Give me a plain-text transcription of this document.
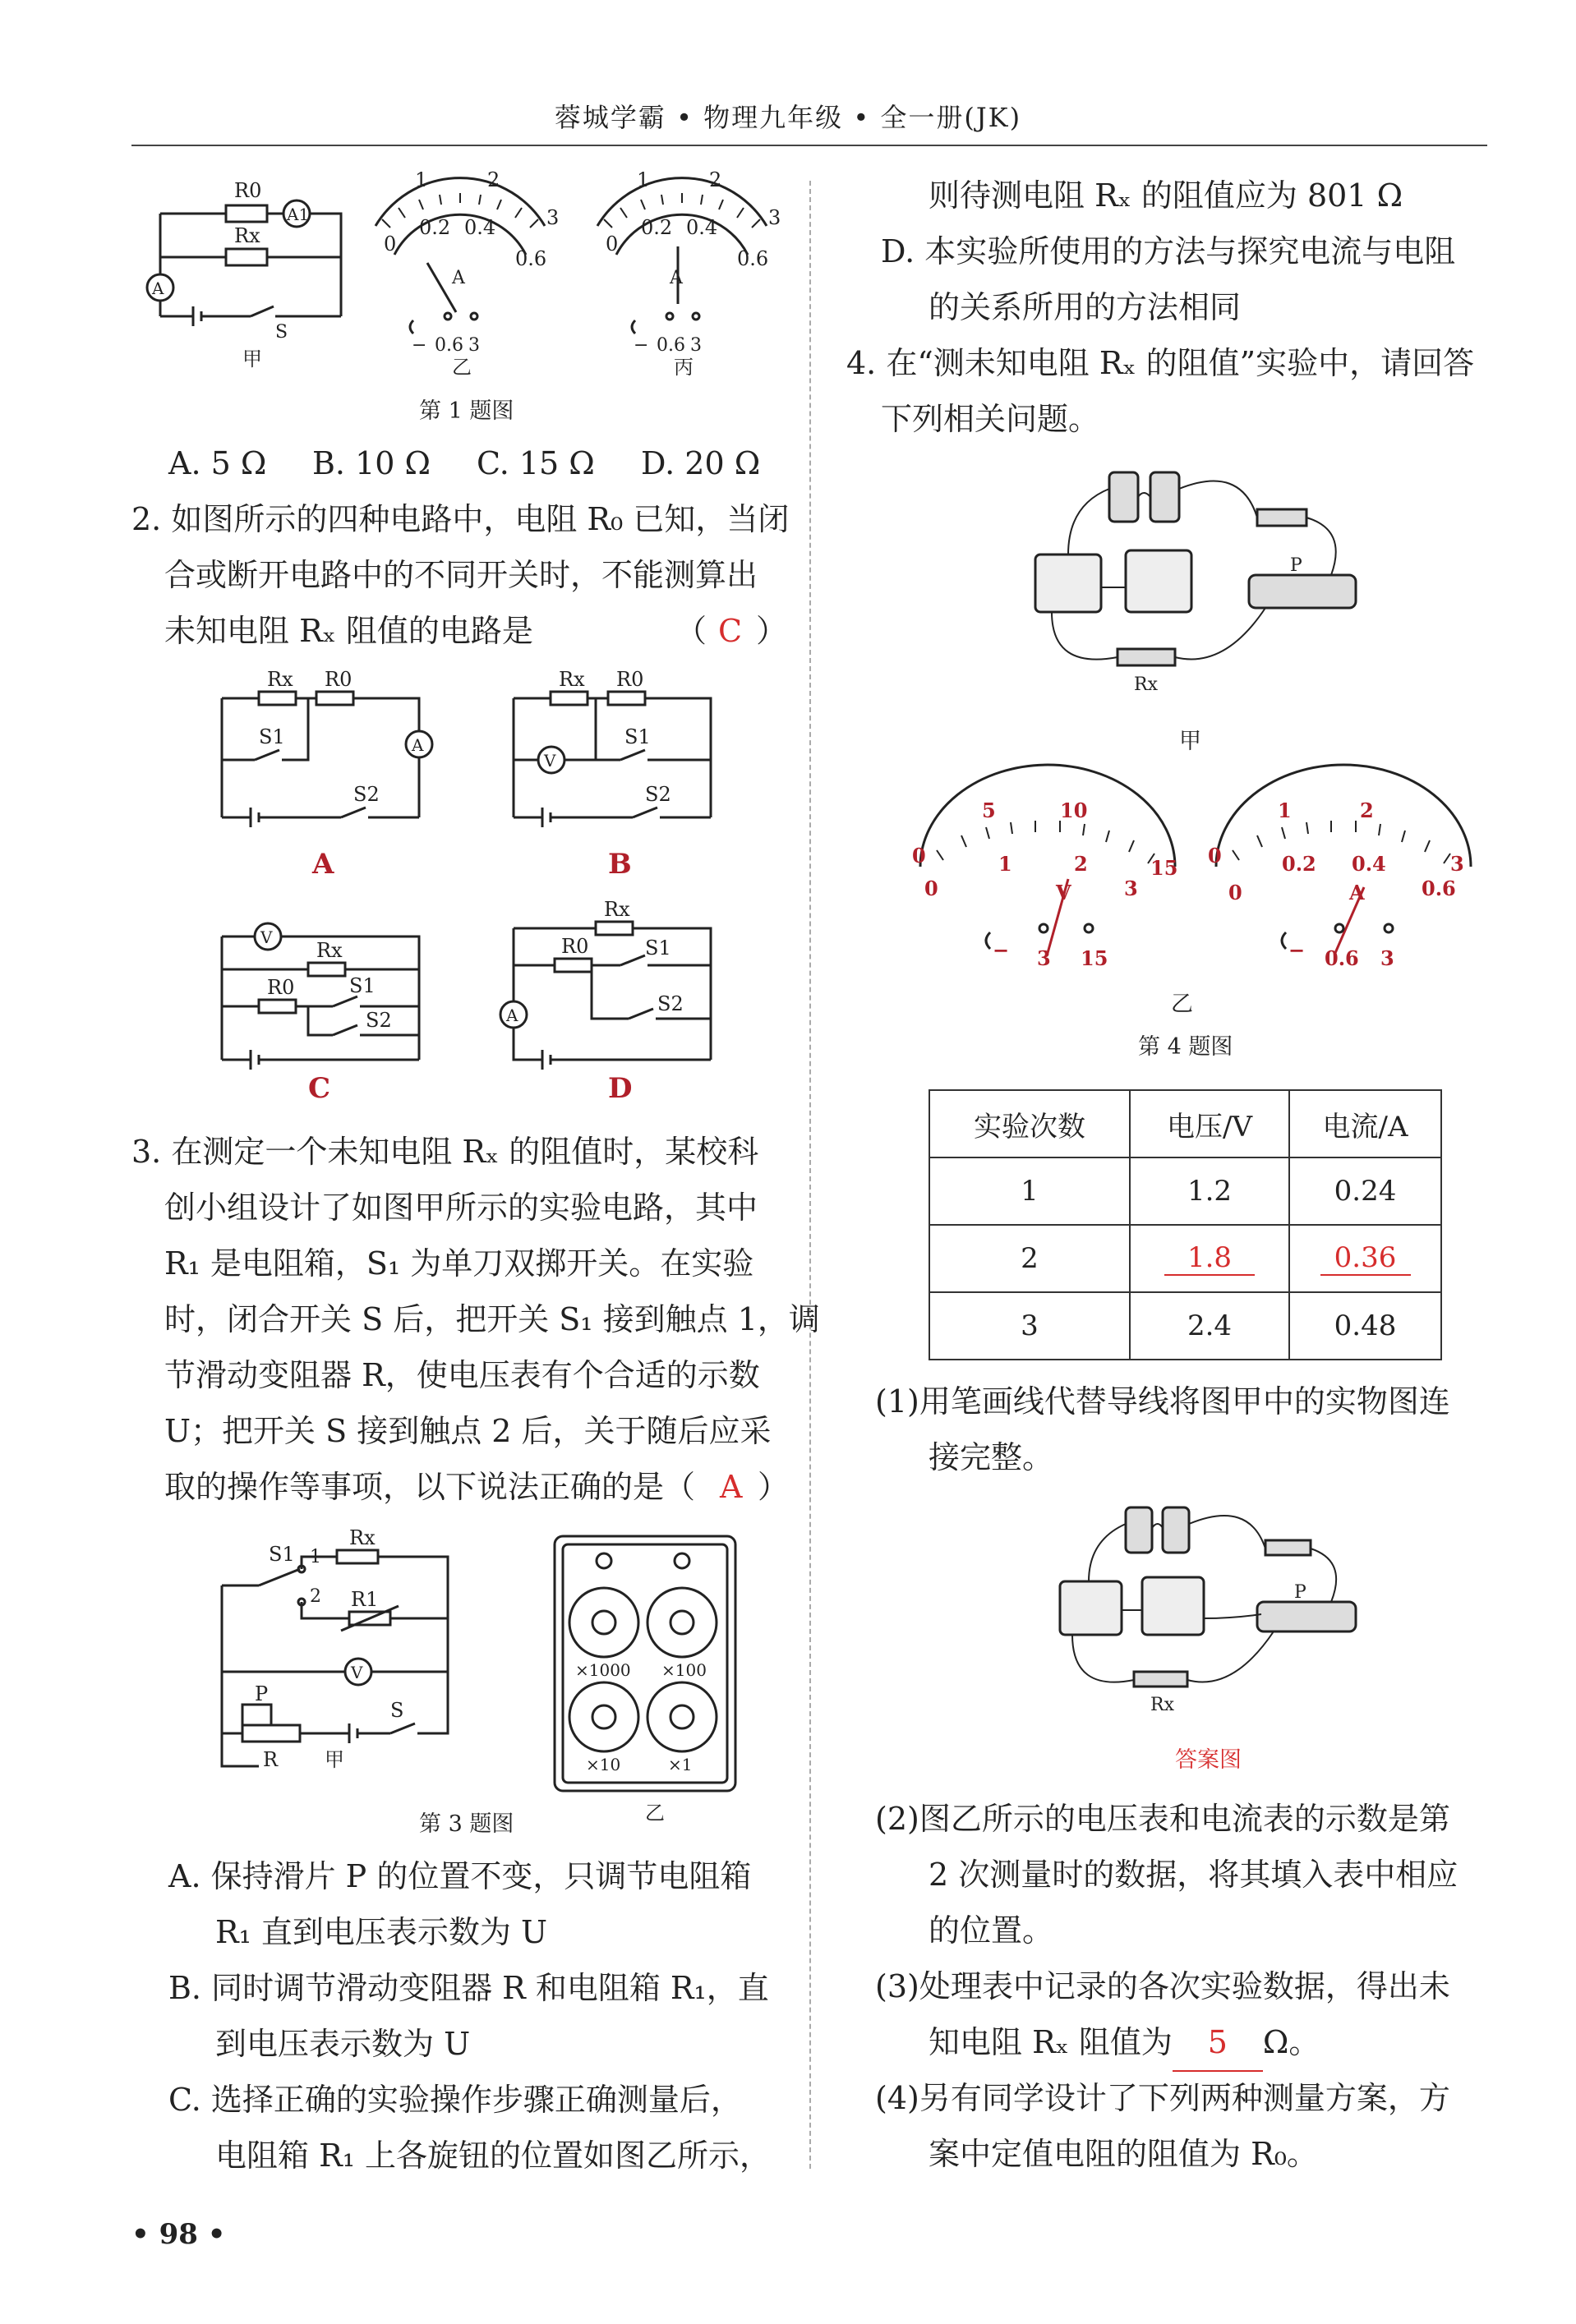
蓉城学霸 • 物理九年级 • 全一册(JK)
R0
Rx
A1
A
S
甲
1	2
3
0
0.2 0.4
0.6
A
− 0.6 3
乙
1	2
3
0
0.2 0.4
0.6
A
− 0.6 3
丙
第 1 题图
A. 5 Ω B. 10 Ω C. 15 Ω D. 20 Ω
2. 如图所示的四种电路中，电阻 R₀ 已知，当闭
合或断开电路中的不同开关时，不能测算出
未知电阻 Rₓ 阻值的电路是	（ C ）
Rx R0
S1
S2
A
Rx R0
S1
S2
V
V
Rx
R0	S1
S2
Rx
R0	S1
S2
A
A	B
C	D
3. 在测定一个未知电阻 Rₓ 的阻值时，某校科
创小组设计了如图甲所示的实验电路，其中
R₁ 是电阻箱，S₁ 为单刀双掷开关。在实验
时，闭合开关 S 后，把开关 S₁ 接到触点 1，调
节滑动变阻器 R，使电压表有个合适的示数
U；把开关 S 接到触点 2 后，关于随后应采
取的操作等事项，以下说法正确的是（ A ）
S1 1
2
Rx
R1
V
P
S
R 甲
乙
×1000 ×100
×10	×1
第 3 题图
A. 保持滑片 P 的位置不变，只调节电阻箱
R₁ 直到电压表示数为 U
B. 同时调节滑动变阻器 R 和电阻箱 R₁，直
到电压表示数为 U
C. 选择正确的实验操作步骤正确测量后，
电阻箱 R₁ 上各旋钮的位置如图乙所示，
• 98 •
则待测电阻 Rₓ 的阻值应为 801 Ω
D. 本实验所使用的方法与探究电流与电阻
的关系所用的方法相同
4. 在“测未知电阻 Rₓ 的阻值”实验中，请回答
下列相关问题。
P
Rx
甲
0
5	10
15
0
1	2
3
V
− 3 15
0
1	2
3
0
0.2 0.4
0.6
A
− 0.6 3
乙
第 4 题图
实验次数	电压/V	电流/A
1	1.2	0.24
2	1.8	0.36
3	2.4	0.48
(1)用笔画线代替导线将图甲中的实物图连
接完整。
P
Rx
答案图
(2)图乙所示的电压表和电流表的示数是第
2 次测量时的数据，将其填入表中相应
的位置。
(3)处理表中记录的各次实验数据，得出未
知电阻 Rₓ 阻值为 5 Ω。
(4)另有同学设计了下列两种测量方案，方
案中定值电阻的阻值为 R₀。
